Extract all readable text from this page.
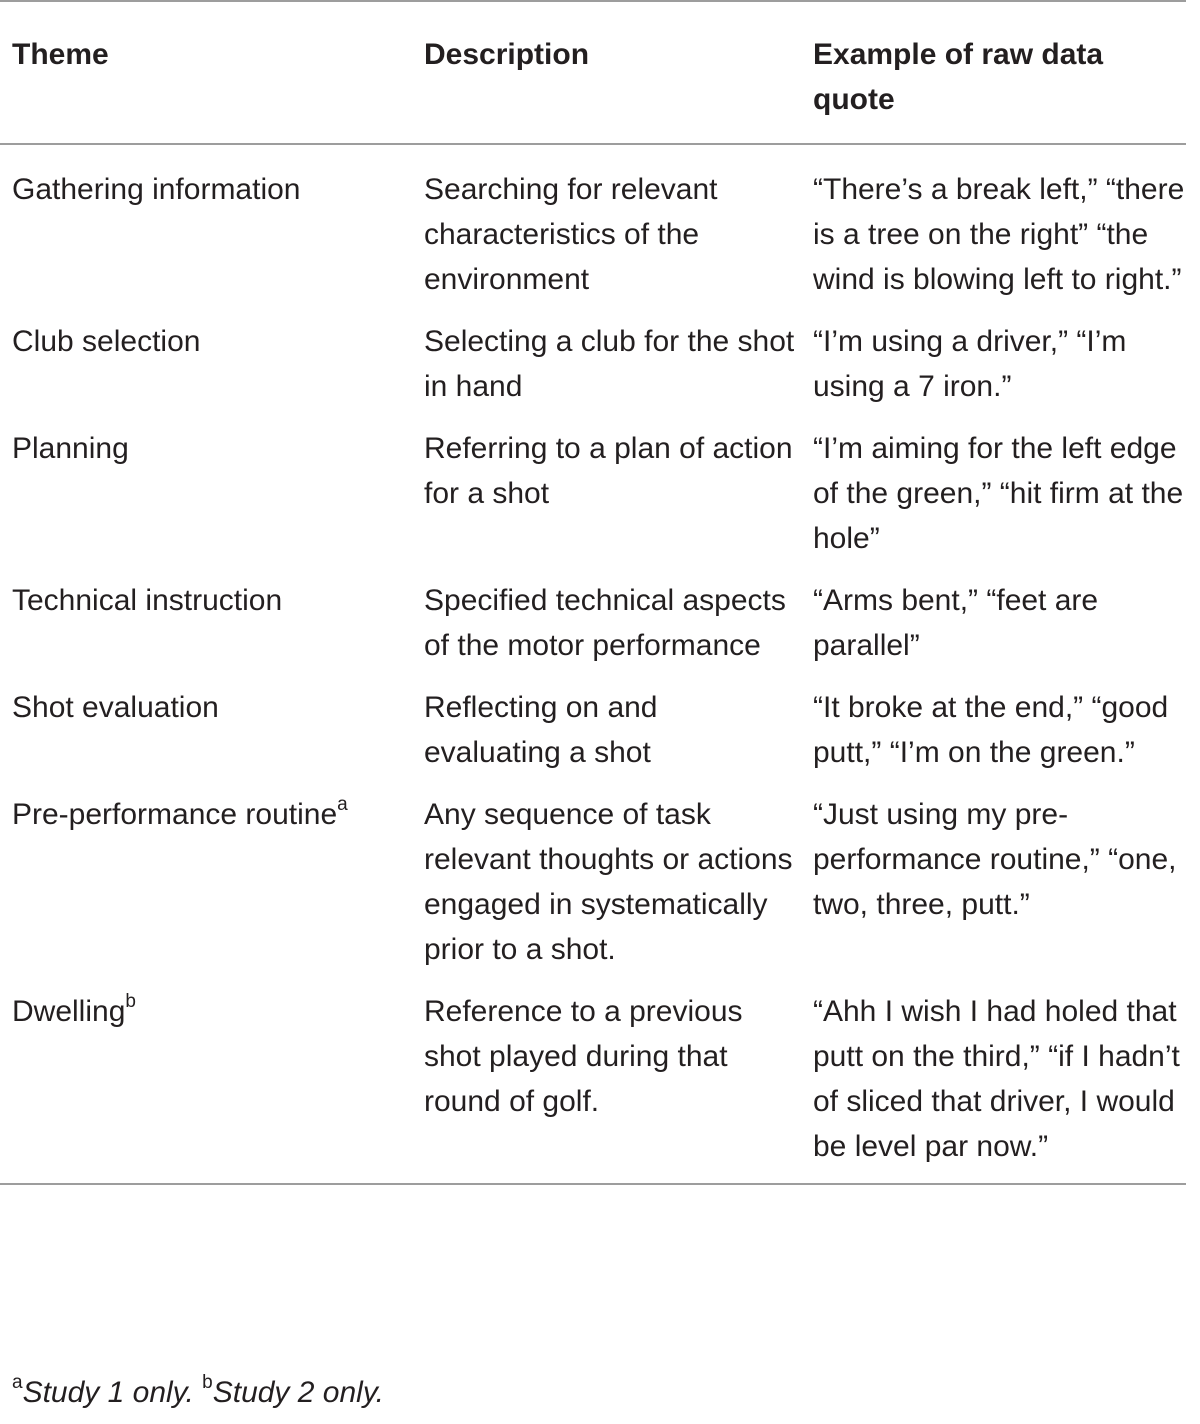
Theme	Description	Example of raw data quote
Gathering information	Searching for relevant characteristics of the environment	“There’s a break left,” “there is a tree on the right” “the wind is blowing left to right.”
Club selection	Selecting a club for the shot in hand	“I’m using a driver,” “I’m using a 7 iron.”
Planning	Referring to a plan of action for a shot	“I’m aiming for the left edge of the green,” “hit firm at the hole”
Technical instruction	Specified technical aspects of the motor performance	“Arms bent,” “feet are parallel”
Shot evaluation	Reflecting on and evaluating a shot	“It broke at the end,” “good putt,” “I’m on the green.”
Pre-performance routine$^a$	Any sequence of task relevant thoughts or actions engaged in systematically prior to a shot.	“Just using my pre-performance routine,” “one, two, three, putt.”
Dwelling$^b$	Reference to a previous shot played during that round of golf.	“Ahh I wish I had holed that putt on the third,” “if I hadn’t of sliced that driver, I would be level par now.”
$^a$Study 1 only. $^b$Study 2 only.
